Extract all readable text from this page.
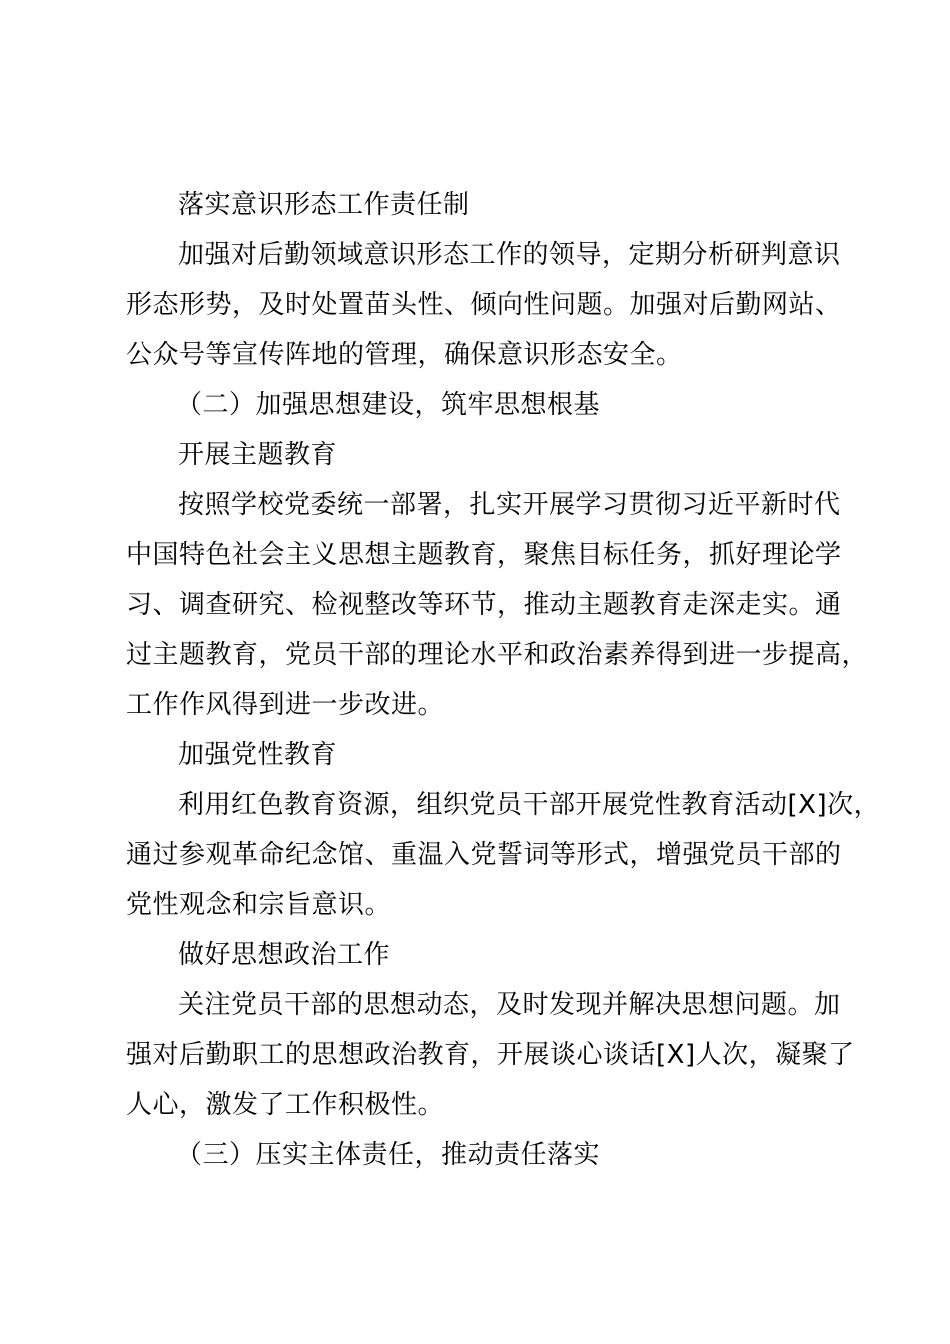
落实意识形态工作责任制
加强对后勤领域意识形态工作的领导，定期分析研判意识
形态形势，及时处置苗头性、倾向性问题。加强对后勤网站、
公众号等宣传阵地的管理，确保意识形态安全。
（二）加强思想建设，筑牢思想根基
开展主题教育
按照学校党委统一部署，扎实开展学习贯彻习近平新时代
中国特色社会主义思想主题教育，聚焦目标任务，抓好理论学
习、调查研究、检视整改等环节，推动主题教育走深走实。通
过主题教育，党员干部的理论水平和政治素养得到进一步提高，
工作作风得到进一步改进。
加强党性教育
利用红色教育资源，组织党员干部开展党性教育活动[X]次，
通过参观革命纪念馆、重温入党誓词等形式，增强党员干部的
党性观念和宗旨意识。
做好思想政治工作
关注党员干部的思想动态，及时发现并解决思想问题。加
强对后勤职工的思想政治教育，开展谈心谈话[X]人次，凝聚了
人心，激发了工作积极性。
（三）压实主体责任，推动责任落实
